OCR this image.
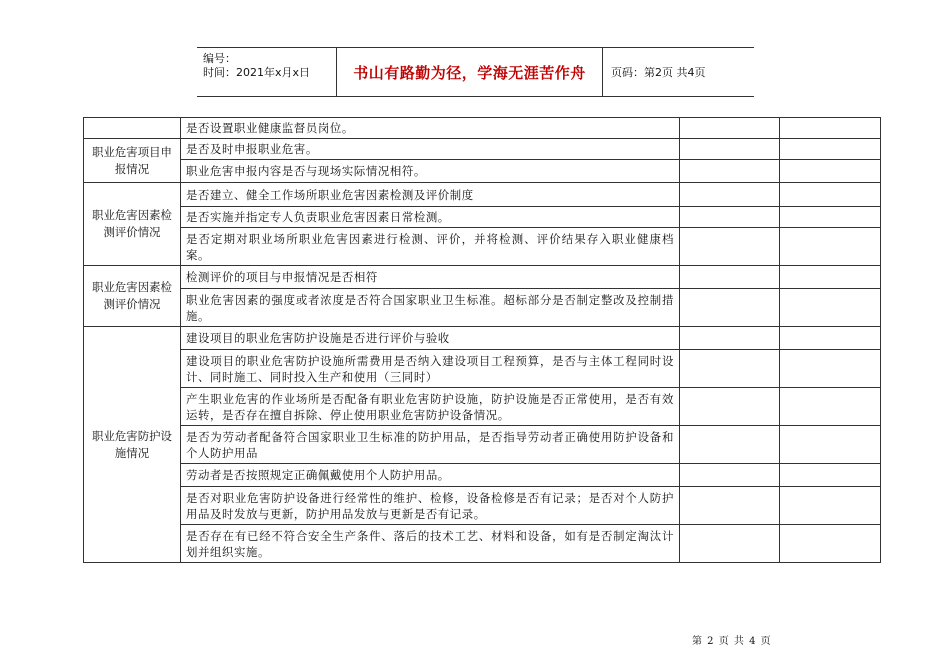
编号：
时间：2021年x月x日	书山有路勤为径，学海无涯苦作舟	页码：第2页 共4页
	是否设置职业健康监督员岗位。		
职业危害项目申报情况	是否及时申报职业危害。		
	职业危害申报内容是否与现场实际情况相符。		
职业危害因素检测评价情况	是否建立、健全工作场所职业危害因素检测及评价制度		
	是否实施并指定专人负责职业危害因素日常检测。		
	是否定期对职业场所职业危害因素进行检测、评价，并将检测、评价结果存入职业健康档案。		
职业危害因素检测评价情况	检测评价的项目与申报情况是否相符		
	职业危害因素的强度或者浓度是否符合国家职业卫生标准。超标部分是否制定整改及控制措施。		
职业危害防护设施情况	建设项目的职业危害防护设施是否进行评价与验收		
	建设项目的职业危害防护设施所需费用是否纳入建设项目工程预算，是否与主体工程同时设计、同时施工、同时投入生产和使用（三同时）		
	产生职业危害的作业场所是否配备有职业危害防护设施，防护设施是否正常使用，是否有效运转，是否存在擅自拆除、停止使用职业危害防护设备情况。		
	是否为劳动者配备符合国家职业卫生标准的防护用品，是否指导劳动者正确使用防护设备和个人防护用品		
	劳动者是否按照规定正确佩戴使用个人防护用品。		
	是否对职业危害防护设备进行经常性的维护、检修，设备检修是否有记录；是否对个人防护用品及时发放与更新，防护用品发放与更新是否有记录。		
	是否存在有已经不符合安全生产条件、落后的技术工艺、材料和设备，如有是否制定淘汰计划并组织实施。		
第 2 页 共 4 页
